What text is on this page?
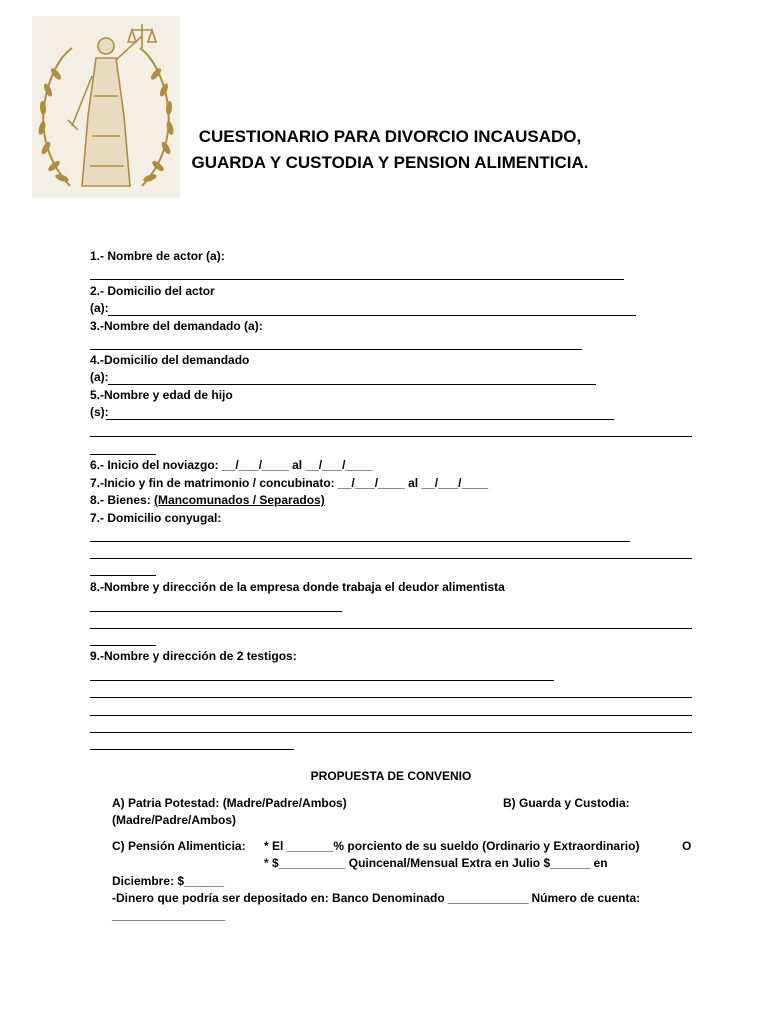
CUESTIONARIO PARA DIVORCIO INCAUSADO,
GUARDA Y CUSTODIA Y PENSION ALIMENTICIA.
1.- Nombre de actor (a):
2.- Domicilio del actor
(a):
3.-Nombre del demandado (a):
4.-Domicilio del demandado
(a):
5.-Nombre y edad de hijo
(s):
6.- Inicio del noviazgo: __/___/____ al __/___/____
7.-Inicio y fin de matrimonio / concubinato: __/___/____ al __/___/____
8.- Bienes: (Mancomunados / Separados)
7.- Domicilio conyugal:
8.-Nombre y dirección de la empresa donde trabaja el deudor alimentista
9.-Nombre y dirección de 2 testigos:
PROPUESTA DE CONVENIO
A) Patria Potestad: (Madre/Padre/Ambos)	B) Guarda y Custodia:
(Madre/Padre/Ambos)
C) Pensión Alimenticia: * El _______% porciento de su sueldo (Ordinario y Extraordinario)	O
* $__________ Quincenal/Mensual Extra en Julio $______ en
Diciembre: $______
-Dinero que podría ser depositado en: Banco Denominado ____________ Número de cuenta:
_________________
